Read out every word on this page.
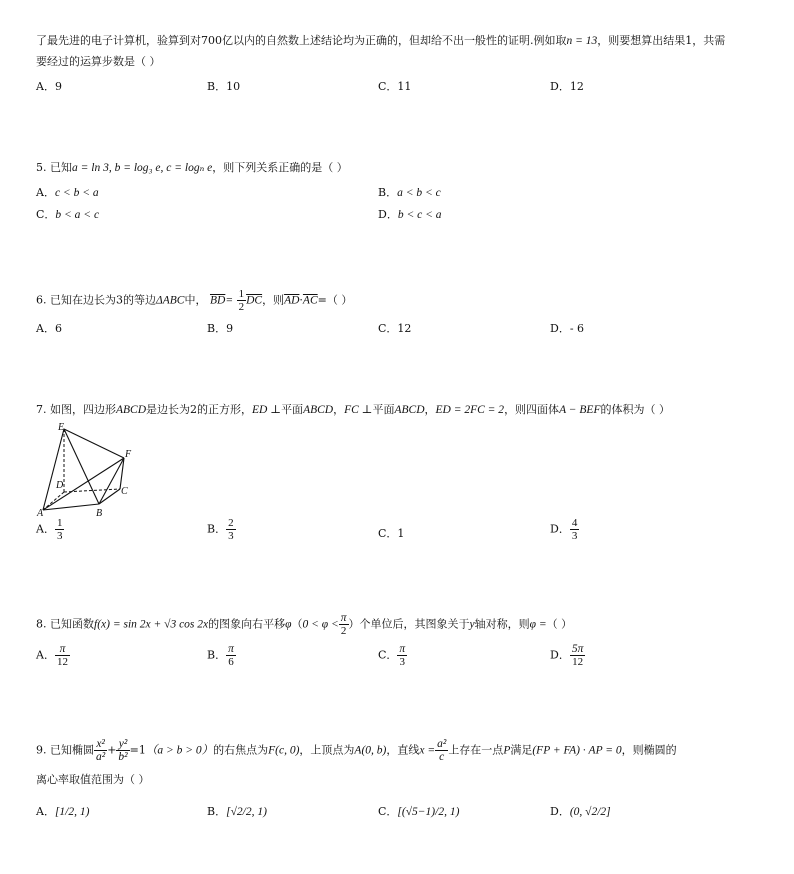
了最先进的电子计算机，验算到对700亿以内的自然数上述结论均为正确的，但却给不出一般性的证明.例如取n = 13，则要想算出结果1，共需
要经过的运算步数是（ ）
A．9	B．10	C．11	D．12
5. 已知a = ln 3, b = log₃ e, c = logₙ e，则下列关系正确的是（ ）
A．c < b < a	B．a < b < c
C．b < a < c	D．b < c < a
6. 已知在边长为3的等边ΔABC中， $\overline{BD}= \frac{1}{2} \overline{DC}$，则$\overline{AD}\cdot\overline{AC}=$（ ）
A．6	B．9	C．12	D．- 6
7. 如图，四边形ABCD是边长为2的正方形，ED ⊥平面ABCD，FC ⊥平面ABCD，ED = 2FC = 2，则四面体A − BEF的体积为（ ）
E
F
D
C
A	B
A． $\frac{1}{3}$	B． $\frac{2}{3}$	C．1	D． $\frac{4}{3}$
8. 已知函数f(x) = sin 2x + √3 cos 2x的图象向右平移$\varphi(0 < \varphi < \frac{\pi}{2}$ ）个单位后，其图象关于y轴对称，则φ =（ ）
A． $\frac{\pi}{12}$	B． $\frac{\pi}{6}$	C． $\frac{\pi}{3}$	D． $\frac{5\pi}{12}$
9. 已知椭圆 $\frac{\text{x²}}{\text{a²}} + \frac{\text{y²}}{\text{b²}} =1(a > b > 0)$的右焦点为F(c, 0)，上顶点为A(0, b)，直线$x = \frac{\text{a²}}{c}$ 上存在一点P满足(FP + FA) · AP = 0，则椭圆的
离心率取值范围为（ ）
A．[1/2, 1)	B．[√2/2, 1)	C．[(√5−1)/2, 1)	D．(0, √2/2]
